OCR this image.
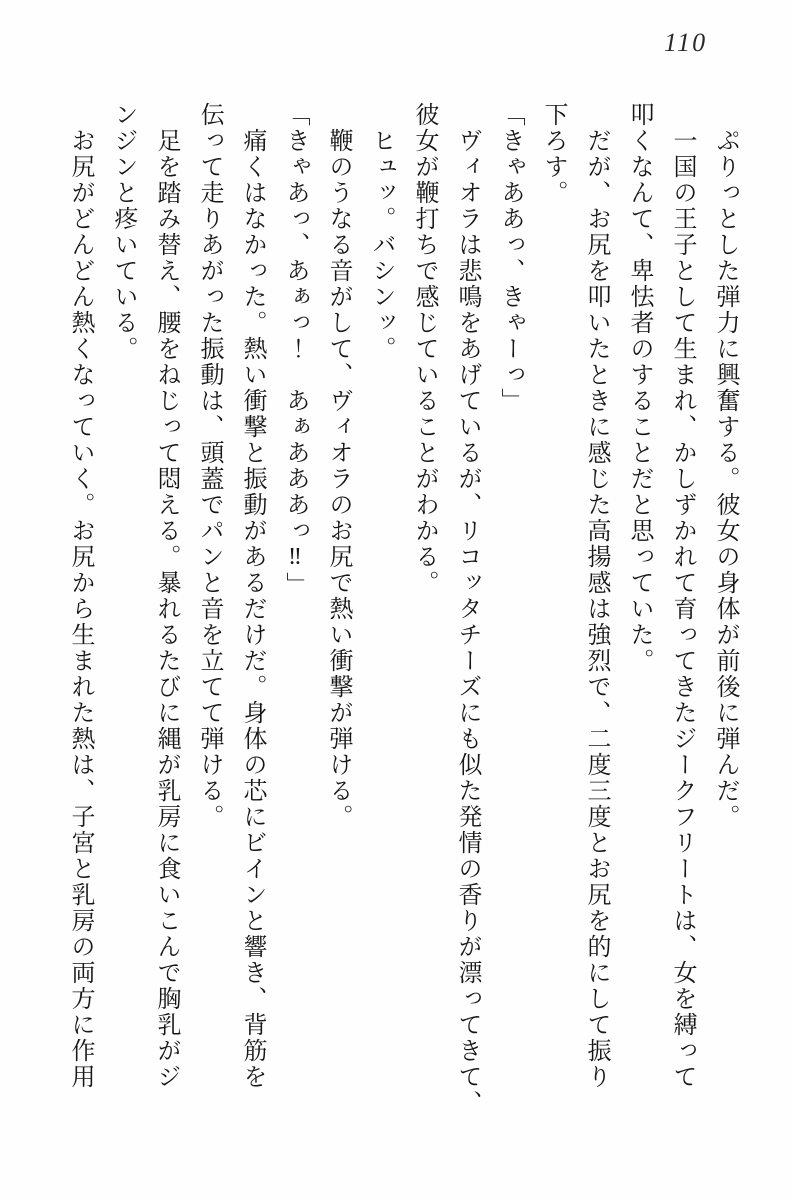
110

　ぷりっとした弾力に興奮する。彼女の身体が前後に弾んだ。

　一国の王子として生まれ、かしずかれて育ってきたジークフリートは、女を縛って

叩くなんて、卑怯者のすることだと思っていた。

　だが、お尻を叩いたときに感じた高揚感は強烈で、二度三度とお尻を的にして振り

下ろす。

「きゃああっ、きゃーっ」

　ヴィオラは悲鳴をあげているが、リコッタチーズにも似た発情の香りが漂ってきて、

彼女が鞭打ちで感じていることがわかる。

　ヒュッ。バシンッ。

　鞭のうなる音がして、ヴィオラのお尻で熱い衝撃が弾ける。

「きゃあっ、あぁっ！　あぁあああっ‼」

　痛くはなかった。熱い衝撃と振動があるだけだ。身体の芯にビインと響き、背筋を

伝って走りあがった振動は、頭蓋でパンと音を立てて弾ける。

　足を踏み替え、腰をねじって悶える。暴れるたびに縄が乳房に食いこんで胸乳がジ

ンジンと疼いている。

　お尻がどんどん熱くなっていく。お尻から生まれた熱は、子宮と乳房の両方に作用
